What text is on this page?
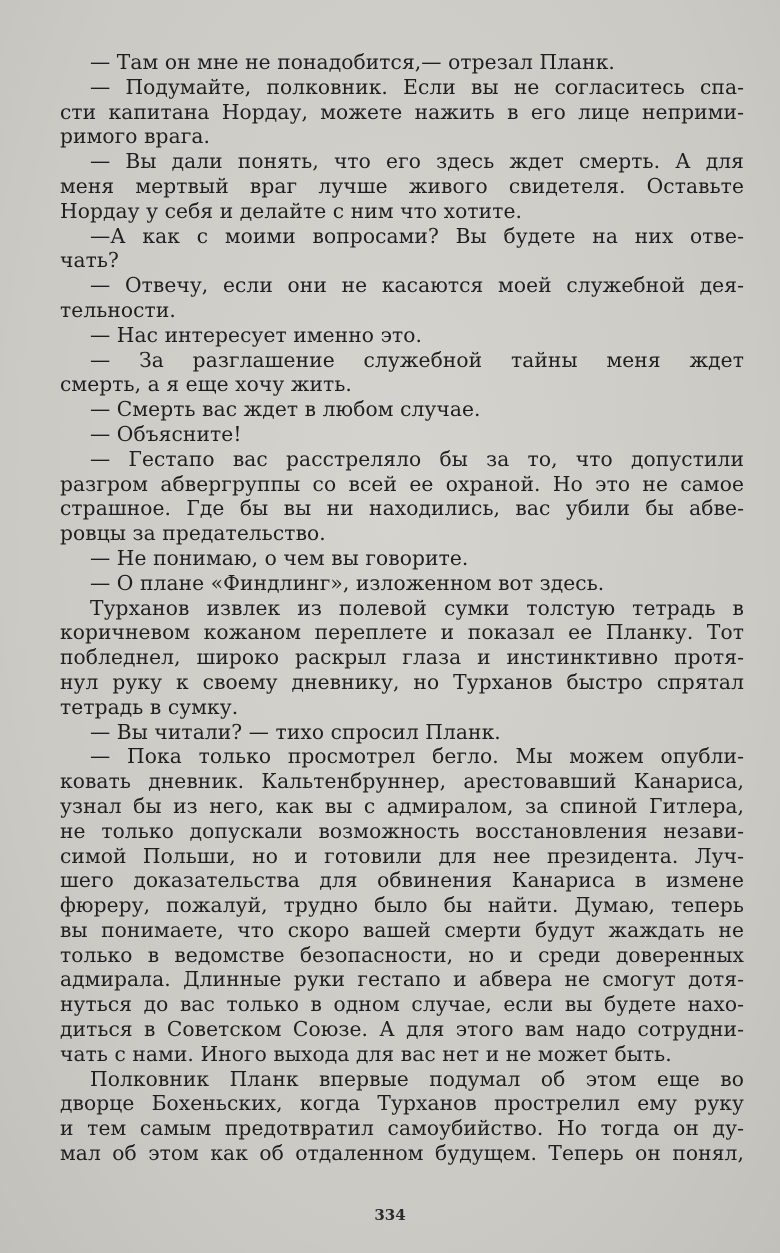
— Там он мне не понадобится,— отрезал Планк.
— Подумайте, полковник. Если вы не согласитесь спа-
сти капитана Нордау, можете нажить в его лице неприми-
римого врага.
— Вы дали понять, что его здесь ждет смерть. А для
меня мертвый враг лучше живого свидетеля. Оставьте
Нордау у себя и делайте с ним что хотите.
—А как с моими вопросами? Вы будете на них отве-
чать?
— Отвечу, если они не касаются моей служебной дея-
тельности.
— Нас интересует именно это.
— За разглашение служебной тайны меня ждет
смерть, а я еще хочу жить.
— Смерть вас ждет в любом случае.
— Объясните!
— Гестапо вас расстреляло бы за то, что допустили
разгром абвергруппы со всей ее охраной. Но это не самое
страшное. Где бы вы ни находились, вас убили бы абве-
ровцы за предательство.
— Не понимаю, о чем вы говорите.
— О плане «Финдлинг», изложенном вот здесь.
Турханов извлек из полевой сумки толстую тетрадь в
коричневом кожаном переплете и показал ее Планку. Тот
побледнел, широко раскрыл глаза и инстинктивно протя-
нул руку к своему дневнику, но Турханов быстро спрятал
тетрадь в сумку.
— Вы читали? — тихо спросил Планк.
— Пока только просмотрел бегло. Мы можем опубли-
ковать дневник. Кальтенбруннер, арестовавший Канариса,
узнал бы из него, как вы с адмиралом, за спиной Гитлера,
не только допускали возможность восстановления незави-
симой Польши, но и готовили для нее президента. Луч-
шего доказательства для обвинения Канариса в измене
фюреру, пожалуй, трудно было бы найти. Думаю, теперь
вы понимаете, что скоро вашей смерти будут жаждать не
только в ведомстве безопасности, но и среди доверенных
адмирала. Длинные руки гестапо и абвера не смогут дотя-
нуться до вас только в одном случае, если вы будете нахо-
диться в Советском Союзе. А для этого вам надо сотрудни-
чать с нами. Иного выхода для вас нет и не может быть.
Полковник Планк впервые подумал об этом еще во
дворце Бохеньских, когда Турханов прострелил ему руку
и тем самым предотвратил самоубийство. Но тогда он ду-
мал об этом как об отдаленном будущем. Теперь он понял,
334
